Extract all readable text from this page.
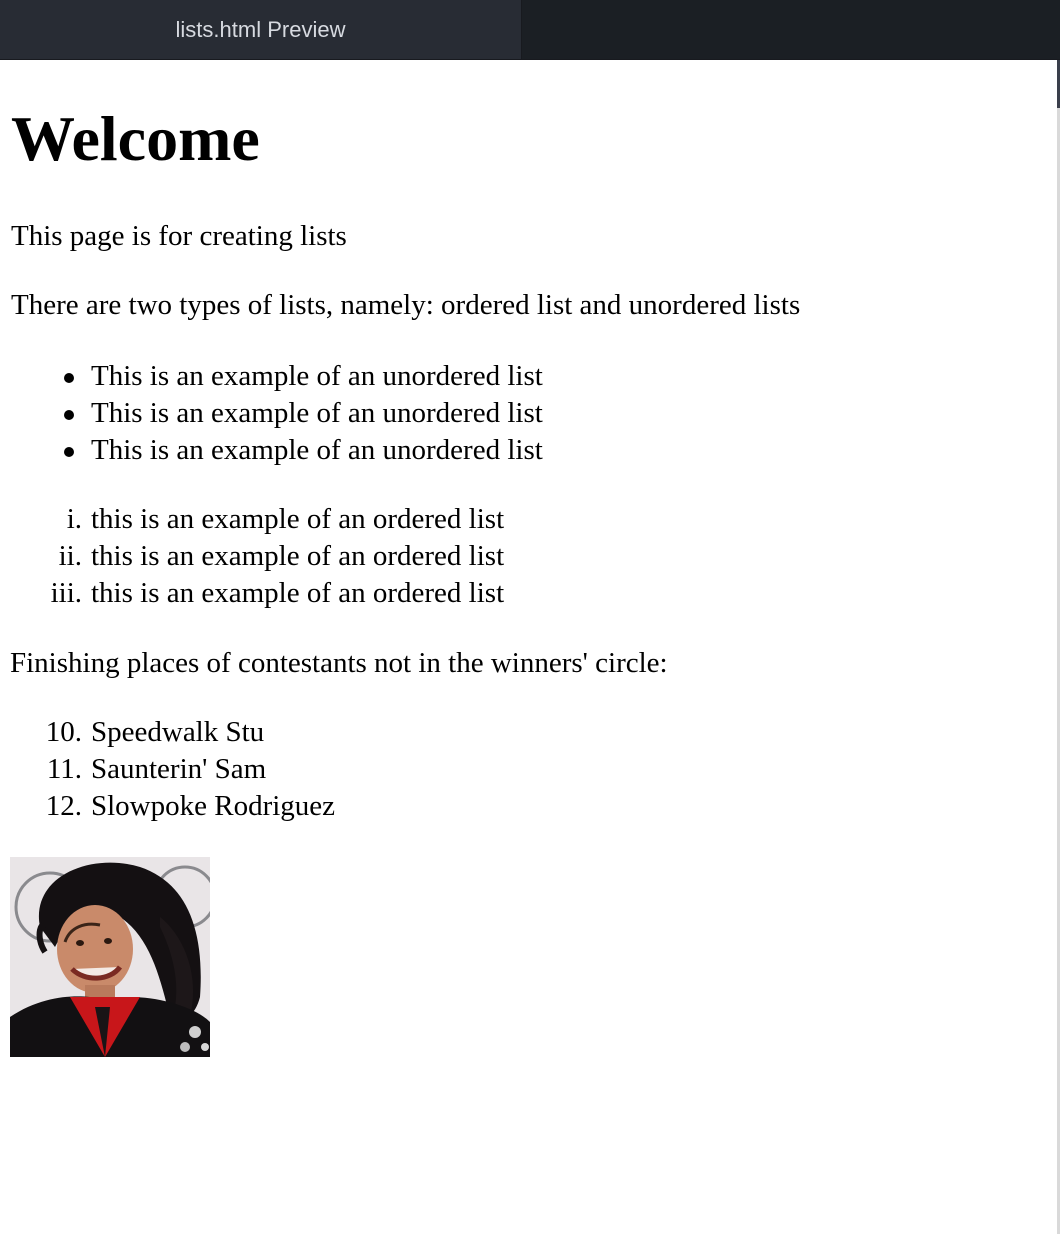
lists.html Preview
Welcome
This page is for creating lists
There are two types of lists, namely: ordered list and unordered lists
This is an example of an unordered list
This is an example of an unordered list
This is an example of an unordered list
i. this is an example of an ordered list
ii. this is an example of an ordered list
iii. this is an example of an ordered list
Finishing places of contestants not in the winners' circle:
10. Speedwalk Stu
11. Saunterin' Sam
12. Slowpoke Rodriguez
